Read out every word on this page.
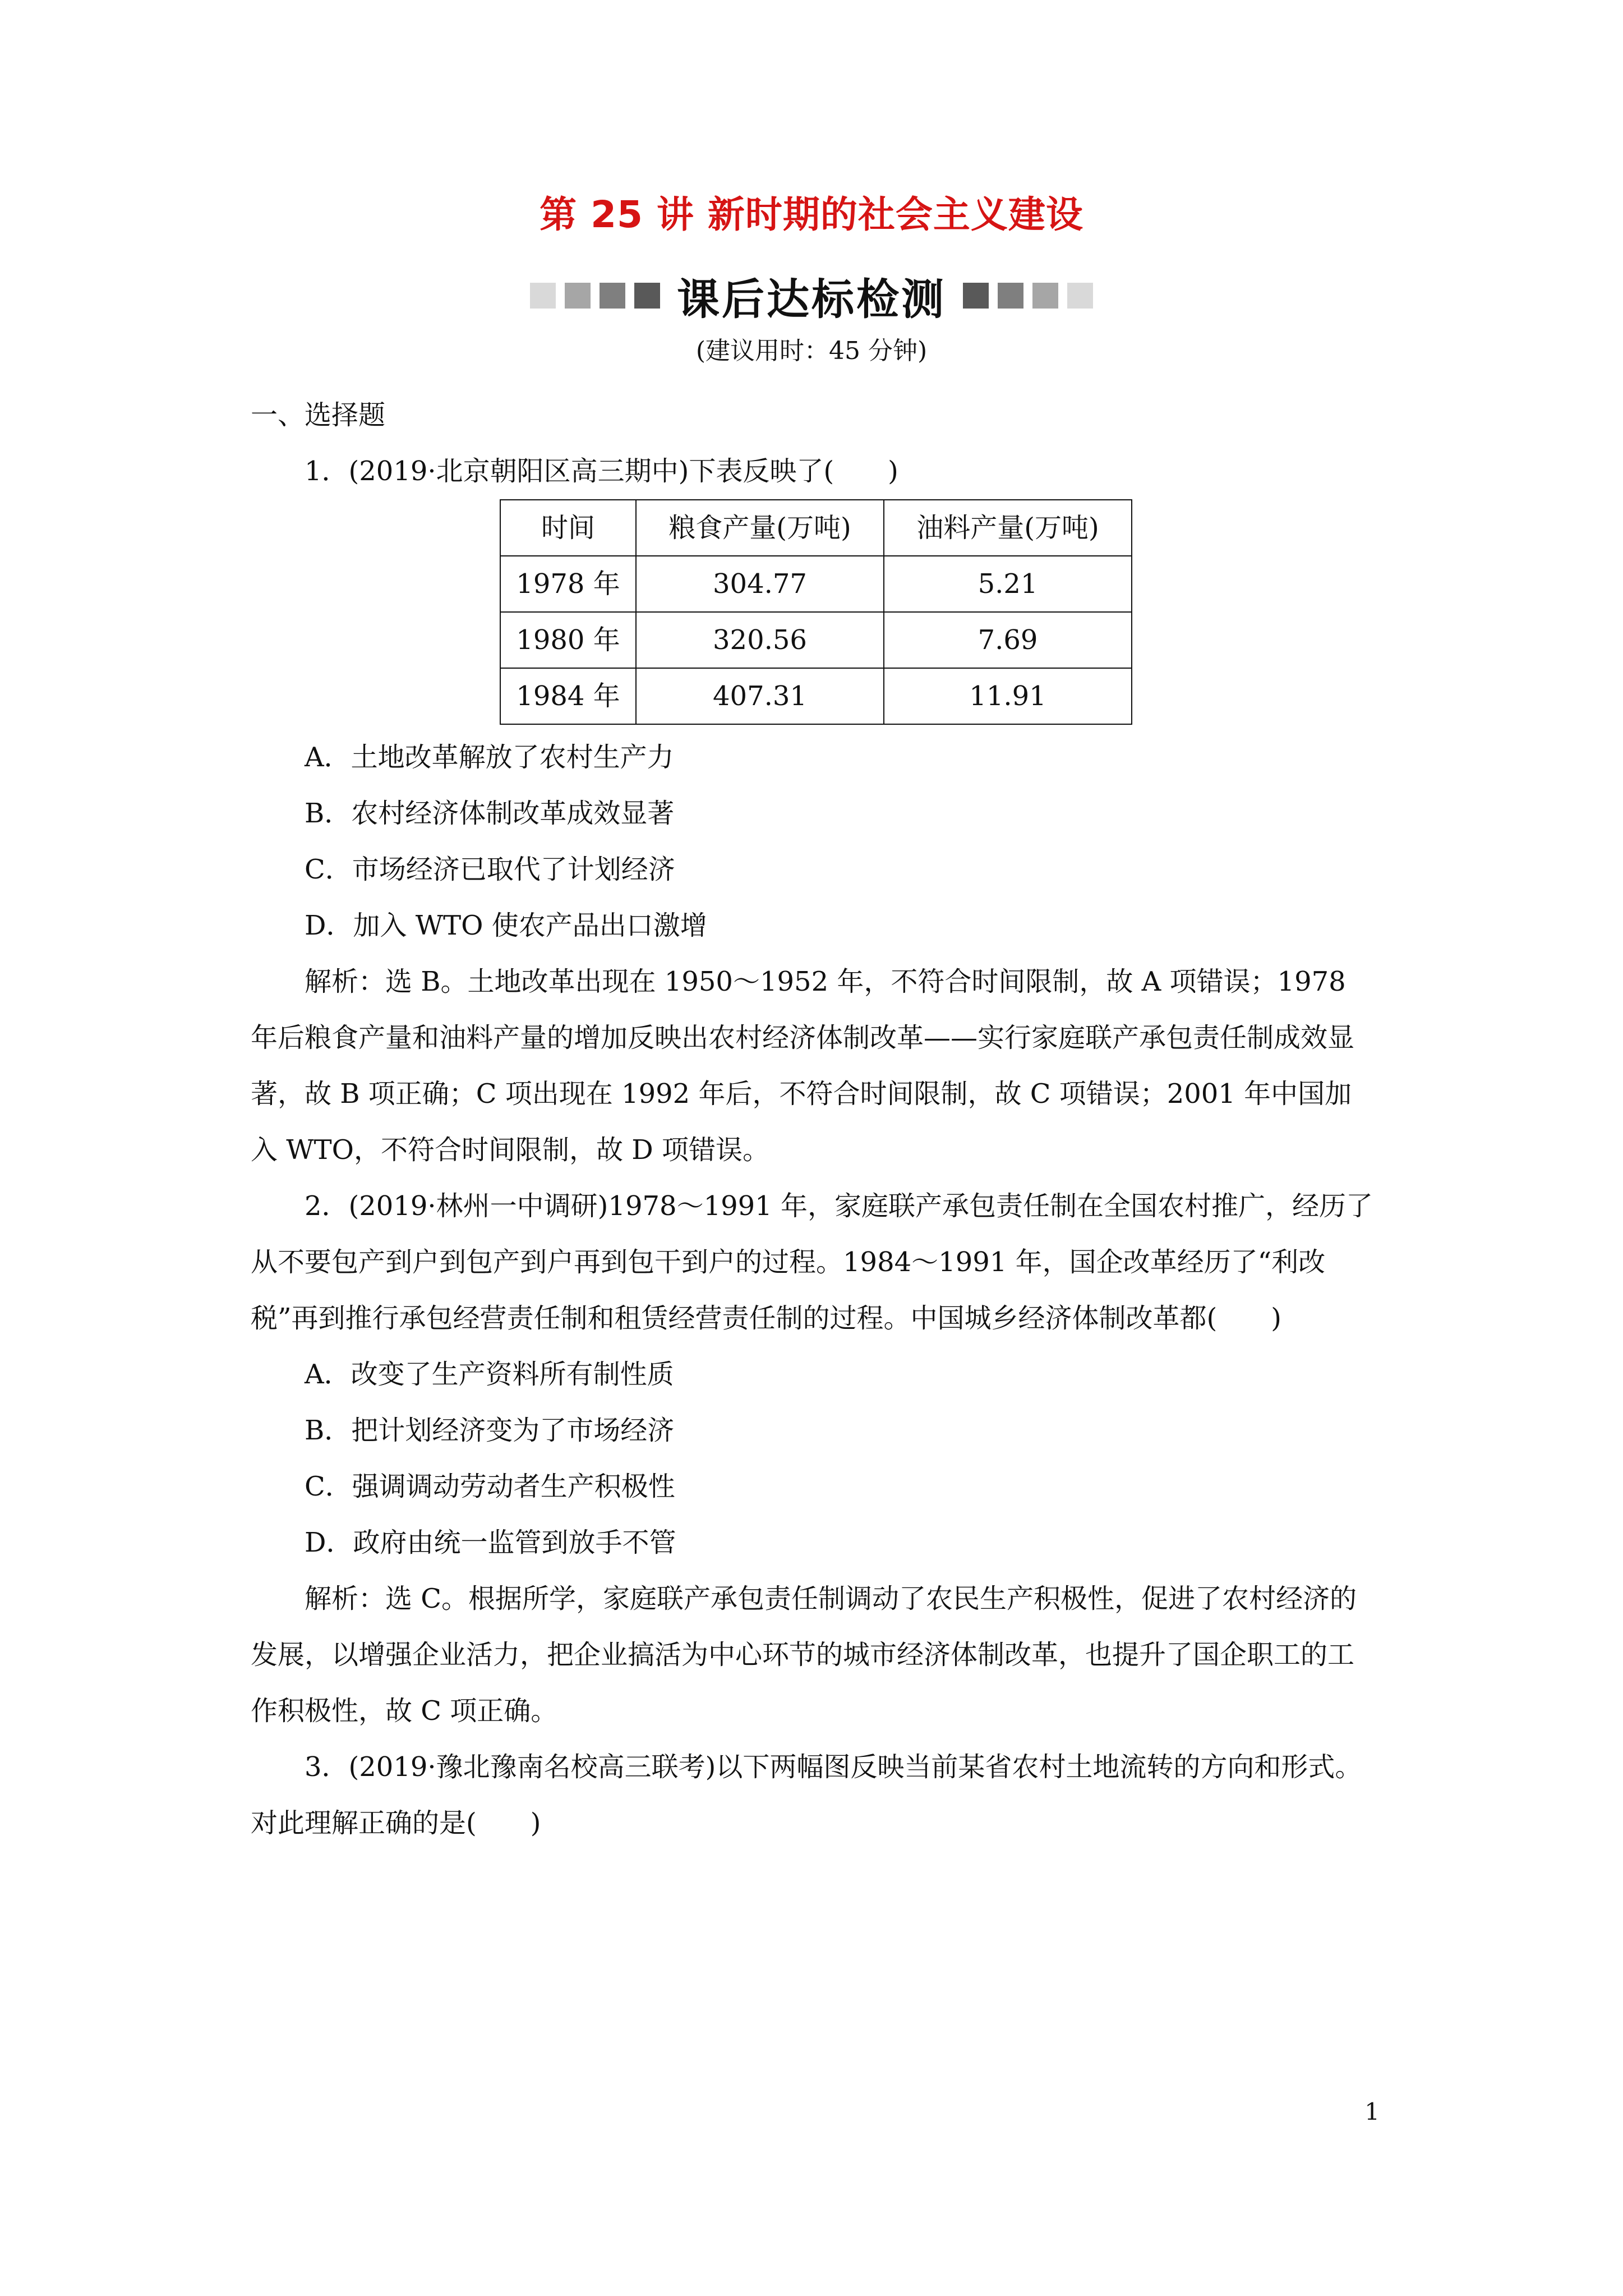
第 25 讲 新时期的社会主义建设
课后达标检测
(建议用时：45 分钟)

一、选择题

1．(2019·北京朝阳区高三期中)下表反映了(　　)

时间	粮食产量(万吨)	油料产量(万吨)
1978 年	304.77	5.21
1980 年	320.56	7.69
1984 年	407.31	11.91

A．土地改革解放了农村生产力

B．农村经济体制改革成效显著

C．市场经济已取代了计划经济

D．加入 WTO 使农产品出口激增

解析：选 B。土地改革出现在 1950～1952 年，不符合时间限制，故 A 项错误；1978 年后粮食产量和油料产量的增加反映出农村经济体制改革——实行家庭联产承包责任制成效显著，故 B 项正确；C 项出现在 1992 年后，不符合时间限制，故 C 项错误；2001 年中国加入 WTO，不符合时间限制，故 D 项错误。

2．(2019·林州一中调研)1978～1991 年，家庭联产承包责任制在全国农村推广，经历了从不要包产到户到包产到户再到包干到户的过程。1984～1991 年，国企改革经历了“利改税”再到推行承包经营责任制和租赁经营责任制的过程。中国城乡经济体制改革都(　　)

A．改变了生产资料所有制性质

B．把计划经济变为了市场经济

C．强调调动劳动者生产积极性

D．政府由统一监管到放手不管

解析：选 C。根据所学，家庭联产承包责任制调动了农民生产积极性，促进了农村经济的发展，以增强企业活力，把企业搞活为中心环节的城市经济体制改革，也提升了国企职工的工作积极性，故 C 项正确。

3．(2019·豫北豫南名校高三联考)以下两幅图反映当前某省农村土地流转的方向和形式。对此理解正确的是(　　)

1
